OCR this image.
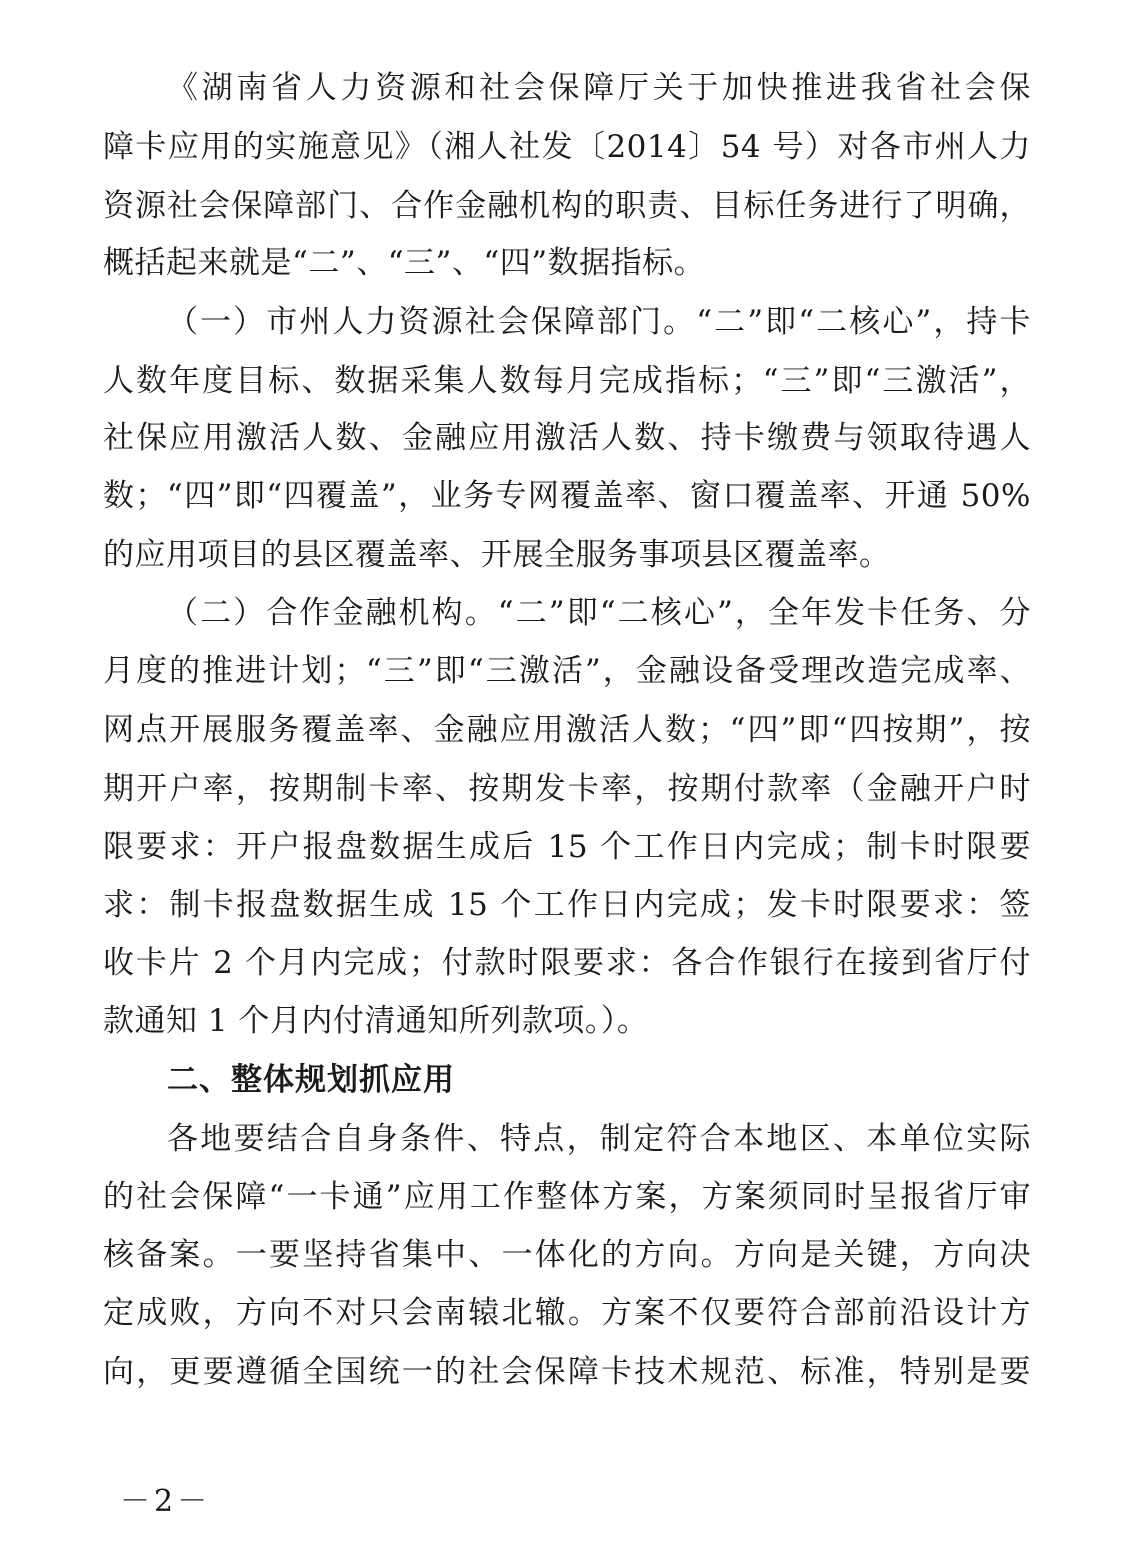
《湖南省人力资源和社会保障厅关于加快推进我省社会保
障卡应用的实施意见》（湘人社发〔2014〕54 号）对各市州人力
资源社会保障部门、合作金融机构的职责、目标任务进行了明确，
概括起来就是“二”、“三”、“四”数据指标。
（一）市州人力资源社会保障部门。“二”即“二核心”，持卡
人数年度目标、数据采集人数每月完成指标；“三”即“三激活”，
社保应用激活人数、金融应用激活人数、持卡缴费与领取待遇人
数；“四”即“四覆盖”，业务专网覆盖率、窗口覆盖率、开通 50%
的应用项目的县区覆盖率、开展全服务事项县区覆盖率。
（二）合作金融机构。“二”即“二核心”，全年发卡任务、分
月度的推进计划；“三”即“三激活”，金融设备受理改造完成率、
网点开展服务覆盖率、金融应用激活人数；“四”即“四按期”，按
期开户率，按期制卡率、按期发卡率，按期付款率（金融开户时
限要求：开户报盘数据生成后 15 个工作日内完成；制卡时限要
求：制卡报盘数据生成 15 个工作日内完成；发卡时限要求：签
收卡片 2 个月内完成；付款时限要求：各合作银行在接到省厅付
款通知 1 个月内付清通知所列款项。）。
二、整体规划抓应用
各地要结合自身条件、特点，制定符合本地区、本单位实际
的社会保障“一卡通”应用工作整体方案，方案须同时呈报省厅审
核备案。一要坚持省集中、一体化的方向。方向是关键，方向决
定成败，方向不对只会南辕北辙。方案不仅要符合部前沿设计方
向，更要遵循全国统一的社会保障卡技术规范、标准，特别是要
－2－
